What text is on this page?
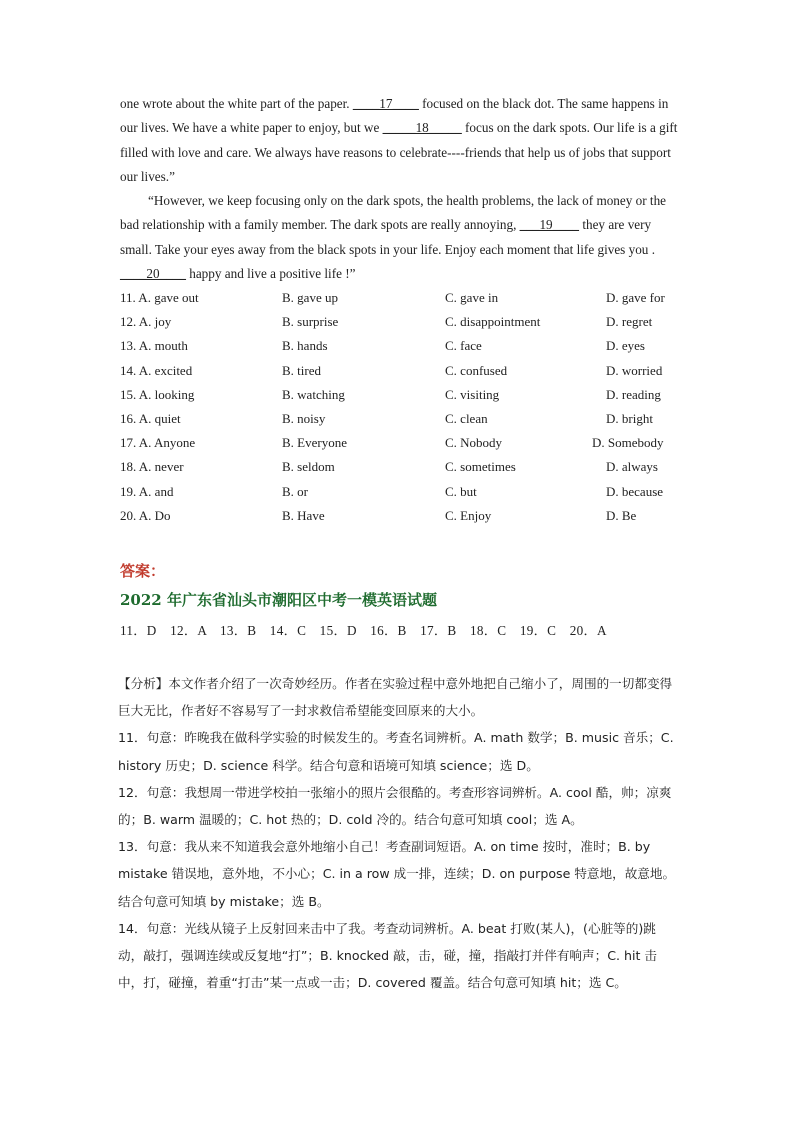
one wrote about the white part of the paper. ____17____ focused on the black dot. The same happens in our lives. We have a white paper to enjoy, but we _____18_____ focus on the dark spots. Our life is a gift filled with love and care. We always have reasons to celebrate----friends that help us of jobs that support our lives.”

“However, we keep focusing only on the dark spots, the health problems, the lack of money or the bad relationship with a family member. The dark spots are really annoying, ___19____ they are very small. Take your eyes away from the black spots in your life. Enjoy each moment that life gives you . ____20____ happy and live a positive life !”

11. A. gave out	B. gave up	C. gave in	D. gave for
12. A. joy	B. surprise	C. disappointment	D. regret
13. A. mouth	B. hands	C. face	D. eyes
14. A. excited	B. tired	C. confused	D. worried
15. A. looking	B. watching	C. visiting	D. reading
16. A. quiet	B. noisy	C. clean	D. bright
17. A. Anyone	B. Everyone	C. Nobody	D. Somebody
18. A. never	B. seldom	C. sometimes	D. always
19. A. and	B. or	C. but	D. because
20. A. Do	B. Have	C. Enjoy	D. Be
答案：
2022 年广东省汕头市潮阳区中考一模英语试题
11．D　12．A　13．B　14．C　15．D　16．B　17．B　18．C　19．C　20．A

【分析】本文作者介绍了一次奇妙经历。作者在实验过程中意外地把自己缩小了，周围的一切都变得巨大无比，作者好不容易写了一封求救信希望能变回原来的大小。

11．句意：昨晚我在做科学实验的时候发生的。考查名词辨析。A. math 数学；B. music 音乐；C. history 历史；D. science 科学。结合句意和语境可知填 science；选 D。

12．句意：我想周一带进学校拍一张缩小的照片会很酷的。考查形容词辨析。A. cool 酷，帅；凉爽的；B. warm 温暖的；C. hot 热的；D. cold 冷的。结合句意可知填 cool；选 A。

13．句意：我从来不知道我会意外地缩小自己！考查副词短语。A. on time 按时，准时；B. by mistake 错误地，意外地，不小心；C. in a row 成一排，连续；D. on purpose 特意地，故意地。结合句意可知填 by mistake；选 B。

14．句意：光线从镜子上反射回来击中了我。考查动词辨析。A. beat 打败(某人)，(心脏等的)跳动，敲打，强调连续或反复地“打”；B. knocked 敲，击，碰，撞，指敲打并伴有响声；C. hit 击中，打，碰撞，着重“打击”某一点或一击；D. covered 覆盖。结合句意可知填 hit；选 C。
